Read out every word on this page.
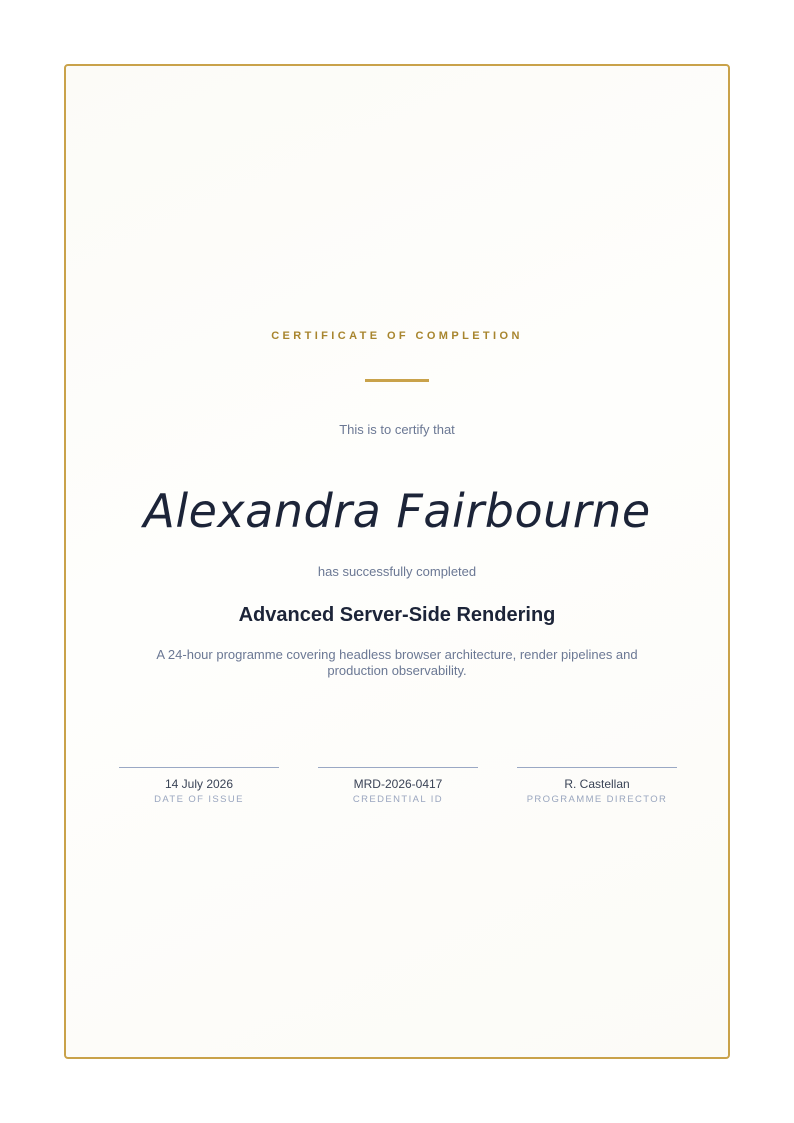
CERTIFICATE OF COMPLETION
This is to certify that
Alexandra Fairbourne
has successfully completed
Advanced Server-Side Rendering
A 24-hour programme covering headless browser architecture, render pipelines and production observability.
14 July 2026
DATE OF ISSUE
MRD-2026-0417
CREDENTIAL ID
R. Castellan
PROGRAMME DIRECTOR
